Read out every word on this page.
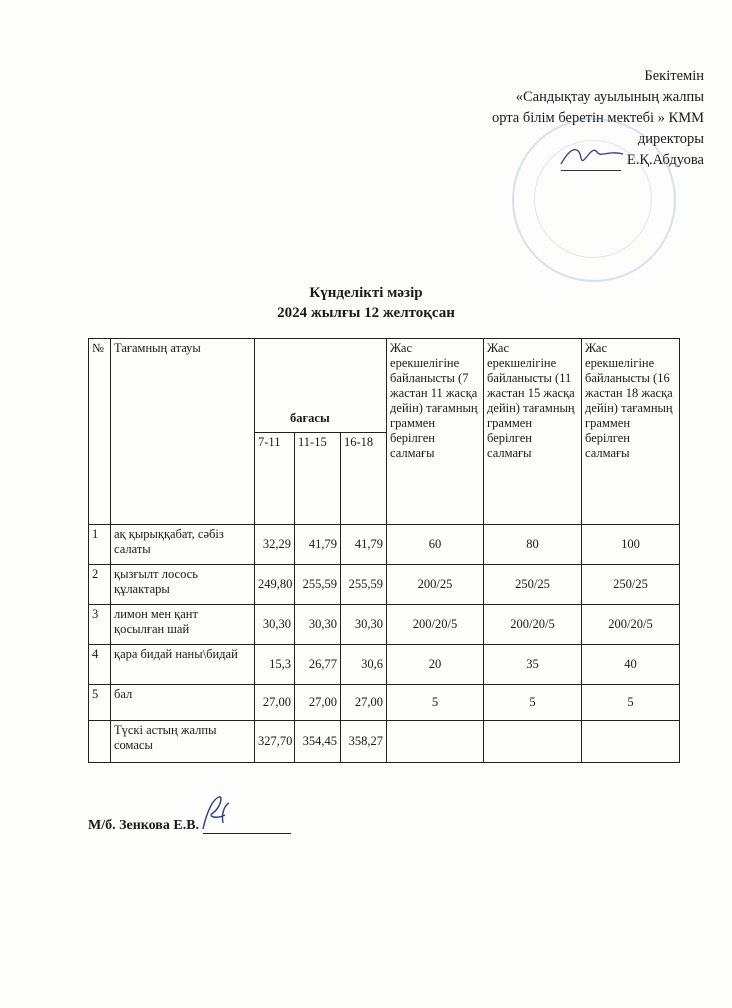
Бекітемін
«Сандықтау ауылының жалпы
орта білім беретін мектебі » КММ
директоры
Е.Қ.Абдуова
Күнделікті мәзір
2024 жылғы 12 желтоқсан
№	Тағамның атауы	бағасы			Жас ерекшелігіне байланысты (7 жастан 11 жасқа дейін) тағамның граммен берілген салмағы	Жас ерекшелігіне байланысты (11 жастан 15 жасқа дейін) тағамның граммен берілген салмағы	Жас ерекшелігіне байланысты (16 жастан 18 жасқа дейін) тағамның граммен берілген салмағы
		7-11	11-15	16-18			
1	ақ қырыққабат, сәбіз салаты	32,29	41,79	41,79	60	80	100
2	қызғылт лосось құлактары	249,80	255,59	255,59	200/25	250/25	250/25
3	лимон мен қант қосылған шай	30,30	30,30	30,30	200/20/5	200/20/5	200/20/5
4	қара бидай наны\бидай	15,3	26,77	30,6	20	35	40
5	бал	27,00	27,00	27,00	5	5	5
	Түскі астың жалпы сомасы	327,70	354,45	358,27			
М/б. Зенкова Е.В.
